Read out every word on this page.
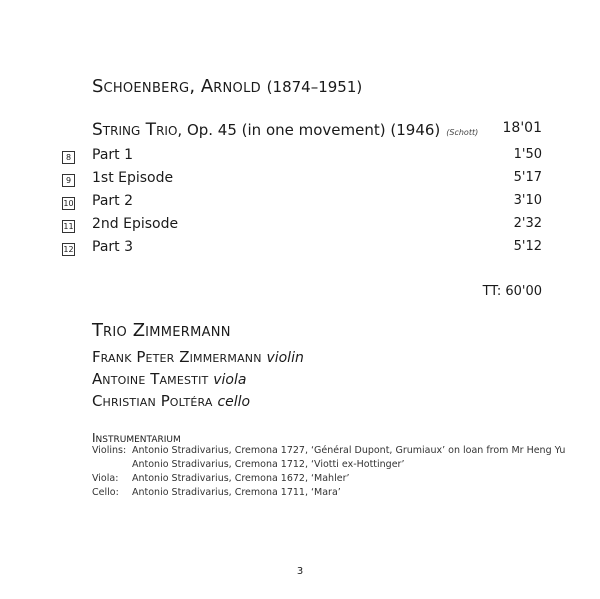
SCHOENBERG, ARNOLD (1874–1951)
STRING TRIO, Op. 45 (in one movement) (1946) (Schott) 18'01
8 Part 1	1'50
9 1st Episode	5'17
10 Part 2	3'10
11 2nd Episode	2'32
12 Part 3	5'12
TT: 60'00
TRIO ZIMMERMANN
FRANK PETER ZIMMERMANN violin
ANTOINE TAMESTIT viola
CHRISTIAN POLTÉRA cello
INSTRUMENTARIUM
Violins: Antonio Stradivarius, Cremona 1727, ‘Général Dupont, Grumiaux’ on loan from Mr Heng Yu
Antonio Stradivarius, Cremona 1712, ‘Viotti ex-Hottinger’
Viola: Antonio Stradivarius, Cremona 1672, ‘Mahler’
Cello: Antonio Stradivarius, Cremona 1711, ‘Mara’
3
